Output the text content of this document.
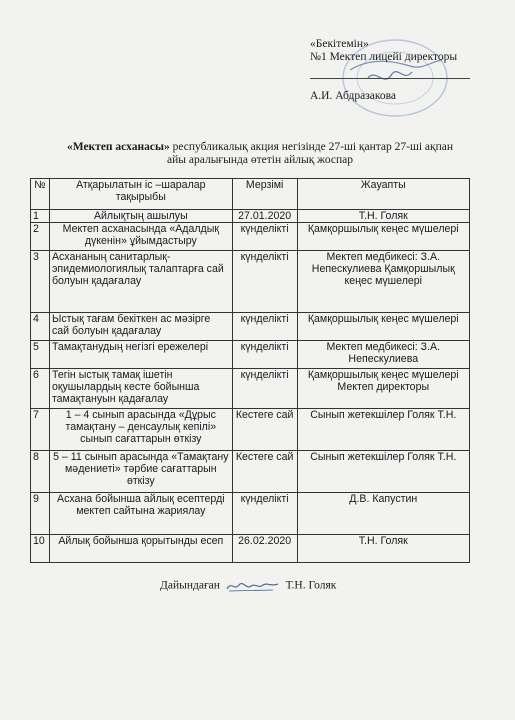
«Бекітемін»
№1 Мектеп лицейі директоры
А.И. Абдразакова
«Мектеп асханасы» республикалық акция негізінде 27-ші қантар 27-ші ақпан айы аралығында өтетін айлық жоспар
№	Атқарылатын іс –шаралар тақырыбы	Мерзімі	Жауапты
1	Айлықтың ашылуы	27.01.2020	Т.Н. Голяк
2	Мектеп асханасында «Адалдық дүкенін» ұйымдастыру	күнделікті	Қамқоршылық кеңес мүшелері
3	Асхананың санитарлық-эпидемиологиялық талаптарға сай болуын қадағалау	күнделікті	Мектеп медбикесі: З.А. Непескулиева Қамқоршылық кеңес мүшелері
4	Ыстық тағам бекіткен ас мәзірге сай болуын қадағалау	күнделікті	Қамқоршылық кеңес мүшелері
5	Тамақтанудың негізгі ережелері	күнделікті	Мектеп медбикесі: З.А. Непескулиева
6	Тегін ыстық тамақ ішетін оқушылардың кесте бойынша тамақтануын қадағалау	күнделікті	Қамқоршылық кеңес мүшелері Мектеп директоры
7	1 – 4 сынып арасында «Дұрыс тамақтану – денсаулық кепілі» сынып сағаттарын өткізу	Кестеге сай	Сынып жетекшілер Голяк Т.Н.
8	5 – 11 сынып арасында «Тамақтану мәдениеті» тәрбие сағаттарын өткізу	Кестеге сай	Сынып жетекшілер Голяк Т.Н.
9	Асхана бойынша айлық есептерді мектеп сайтына жариялау	күнделікті	Д.В. Капустин
10	Айлық бойынша қорытынды есеп	26.02.2020	Т.Н. Голяк
Дайындаған	Т.Н. Голяк
